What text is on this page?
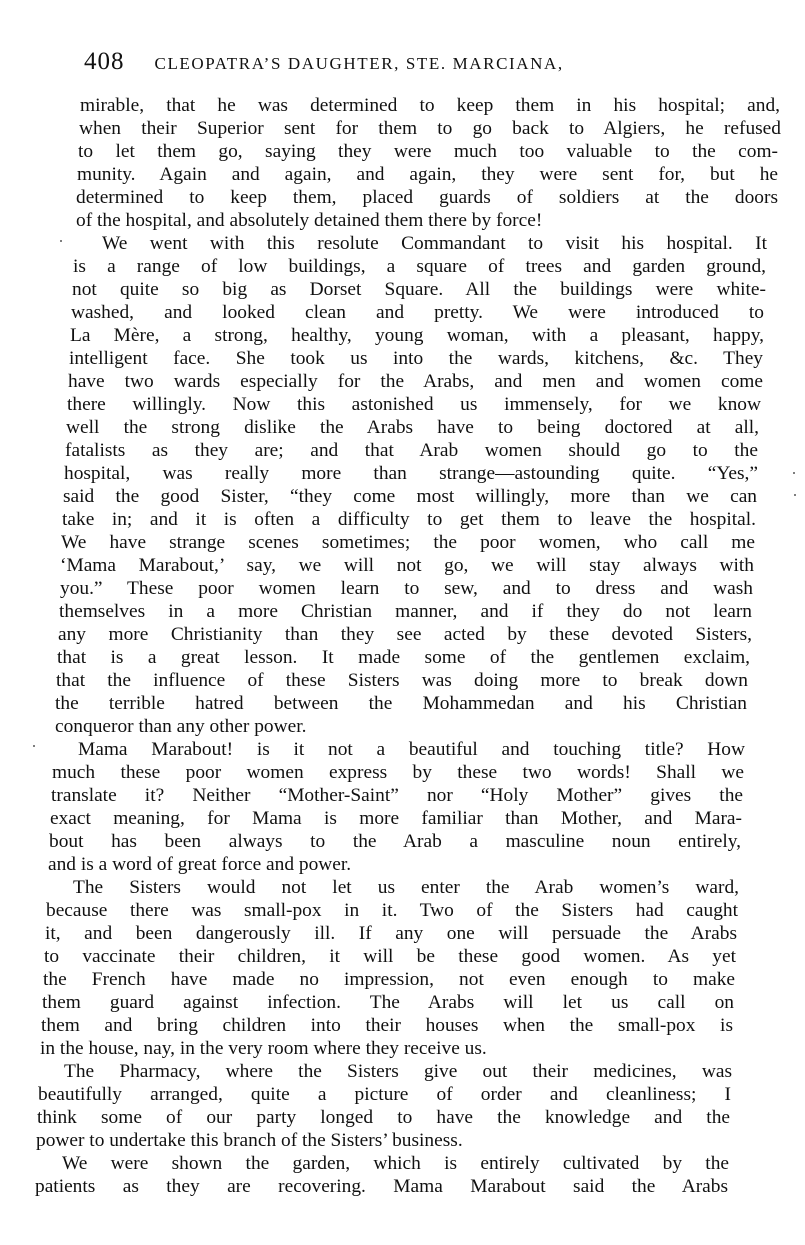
408 CLEOPATRA’S DAUGHTER, STE. MARCIANA,
mirable, that he was determined to keep them in his hospital; and,
when their Superior sent for them to go back to Algiers, he refused
to let them go, saying they were much too valuable to the com-
munity. Again and again, and again, they were sent for, but he
determined to keep them, placed guards of soldiers at the doors
of the hospital, and absolutely detained them there by force!
We went with this resolute Commandant to visit his hospital. It
is a range of low buildings, a square of trees and garden ground,
not quite so big as Dorset Square. All the buildings were white-
washed, and looked clean and pretty. We were introduced to
La Mère, a strong, healthy, young woman, with a pleasant, happy,
intelligent face. She took us into the wards, kitchens, &c. They
have two wards especially for the Arabs, and men and women come
there willingly. Now this astonished us immensely, for we know
well the strong dislike the Arabs have to being doctored at all,
fatalists as they are; and that Arab women should go to the
hospital, was really more than strange—astounding quite. “Yes,”
said the good Sister, “they come most willingly, more than we can
take in; and it is often a difficulty to get them to leave the hospital.
We have strange scenes sometimes; the poor women, who call me
‘Mama Marabout,’ say, we will not go, we will stay always with
you.” These poor women learn to sew, and to dress and wash
themselves in a more Christian manner, and if they do not learn
any more Christianity than they see acted by these devoted Sisters,
that is a great lesson. It made some of the gentlemen exclaim,
that the influence of these Sisters was doing more to break down
the terrible hatred between the Mohammedan and his Christian
conqueror than any other power.
Mama Marabout! is it not a beautiful and touching title? How
much these poor women express by these two words! Shall we
translate it? Neither “Mother-Saint” nor “Holy Mother” gives the
exact meaning, for Mama is more familiar than Mother, and Mara-
bout has been always to the Arab a masculine noun entirely,
and is a word of great force and power.
The Sisters would not let us enter the Arab women’s ward,
because there was small-pox in it. Two of the Sisters had caught
it, and been dangerously ill. If any one will persuade the Arabs
to vaccinate their children, it will be these good women. As yet
the French have made no impression, not even enough to make
them guard against infection. The Arabs will let us call on
them and bring children into their houses when the small-pox is
in the house, nay, in the very room where they receive us.
The Pharmacy, where the Sisters give out their medicines, was
beautifully arranged, quite a picture of order and cleanliness; I
think some of our party longed to have the knowledge and the
power to undertake this branch of the Sisters’ business.
We were shown the garden, which is entirely cultivated by the
patients as they are recovering. Mama Marabout said the Arabs
